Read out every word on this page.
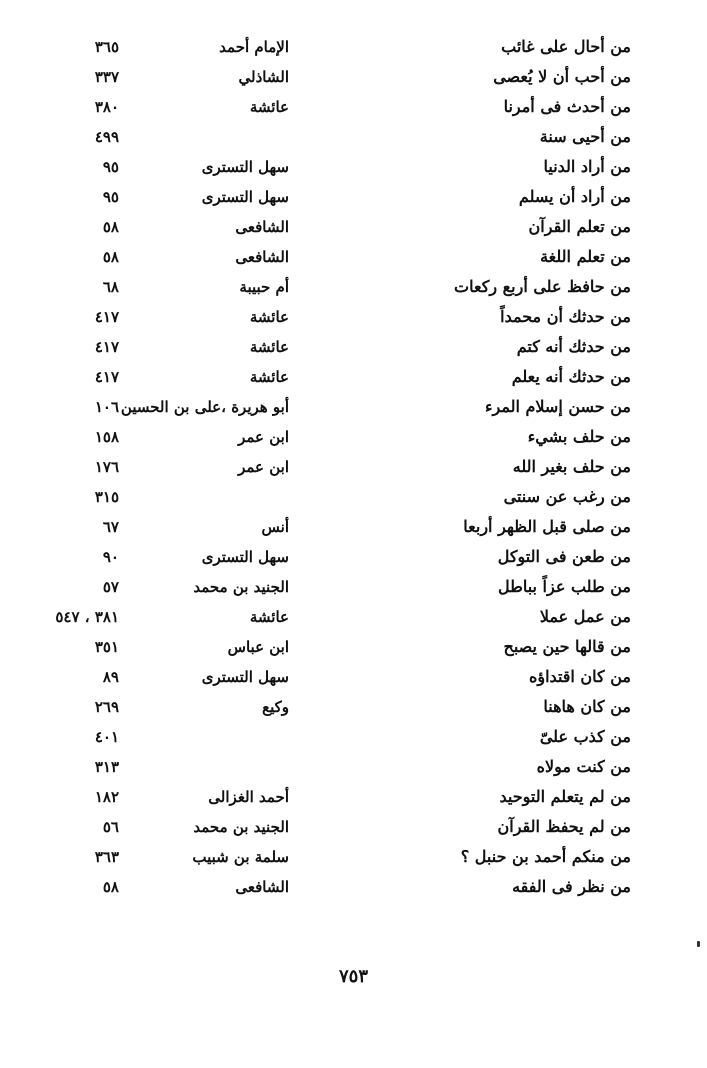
من أحال على غائب
الإمام أحمد
٣٦٥
من أحب أن لا يُعصى
الشاذلي
٣٣٧
من أحدث فى أمرنا
عائشة
٣٨٠
من أحيى سنة
٤٩٩
من أراد الدنيا
سهل التسترى
٩٥
من أراد أن يسلم
سهل التسترى
٩٥
من تعلم القرآن
الشافعى
٥٨
من تعلم اللغة
الشافعى
٥٨
من حافظ على أربع ركعات
أم حبيبة
٦٨
من حدثك أن محمداً
عائشة
٤١٧
من حدثك أنه كتم
عائشة
٤١٧
من حدثك أنه يعلم
عائشة
٤١٧
من حسن إسلام المرء
أبو هريرة ،على بن الحسين
١٠٦
من حلف بشيء
ابن عمر
١٥٨
من حلف بغير الله
ابن عمر
١٧٦
من رغب عن سنتى
٣١٥
من صلى قبل الظهر أربعا
أنس
٦٧
من طعن فى التوكل
سهل التسترى
٩٠
من طلب عزاً بباطل
الجنيد بن محمد
٥٧
من عمل عملا
عائشة
٣٨١ ، ٥٤٧
من قالها حين يصبح
ابن عباس
٣٥١
من كان اقتداؤه
سهل التسترى
٨٩
من كان هاهنا
وكيع
٢٦٩
من كذب علىّ
٤٠١
من كنت مولاه
٣١٣
من لم يتعلم التوحيد
أحمد الغزالى
١٨٢
من لم يحفظ القرآن
الجنيد بن محمد
٥٦
من منكم أحمد بن حنبل ؟
سلمة بن شبيب
٣٦٣
من نظر فى الفقه
الشافعى
٥٨
٧٥٣
